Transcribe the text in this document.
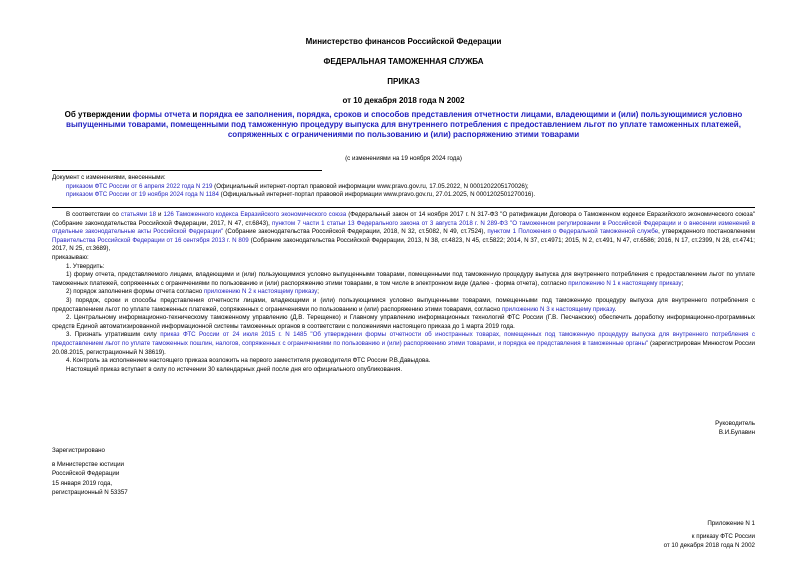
Министерство финансов Российской Федерации
ФЕДЕРАЛЬНАЯ ТАМОЖЕННАЯ СЛУЖБА
ПРИКАЗ
от 10 декабря 2018 года N 2002
Об утверждении формы отчета и порядка ее заполнения, порядка, сроков и способов представления отчетности лицами, владеющими и (или) пользующимися условно выпущенными товарами, помещенными под таможенную процедуру выпуска для внутреннего потребления с предоставлением льгот по уплате таможенных платежей, сопряженных с ограничениями по пользованию и (или) распоряжению этими товарами
(с изменениями на 19 ноября 2024 года)
Документ с изменениями, внесенными:
приказом ФТС России от 6 апреля 2022 года N 219 (Официальный интернет-портал правовой информации www.pravo.gov.ru, 17.05.2022, N 0001202205170026);
приказом ФТС России от 19 ноября 2024 года N 1184 (Официальный интернет-портал правовой информации www.pravo.gov.ru, 27.01.2025, N 0001202501270016).

В соответствии со статьями 18 и 126 Таможенного кодекса Евразийского экономического союза (Федеральный закон от 14 ноября 2017 г. N 317-ФЗ "О ратификации Договора о Таможенном кодексе Евразийского экономического союза" (Собрание законодательства Российской Федерации, 2017, N 47, ст.6843), пунктом 7 части 1 статьи 13 Федерального закона от 3 августа 2018 г. N 289-ФЗ "О таможенном регулировании в Российской Федерации и о внесении изменений в отдельные законодательные акты Российской Федерации" (Собрание законодательства Российской Федерации, 2018, N 32, ст.5082, N 49, ст.7524), пунктом 1 Положения о Федеральной таможенной службе, утвержденного постановлением Правительства Российской Федерации от 16 сентября 2013 г. N 809 (Собрание законодательства Российской Федерации, 2013, N 38, ст.4823, N 45, ст.5822; 2014, N 37, ст.4971; 2015, N 2, ст.491, N 47, ст.6586; 2016, N 17, ст.2399, N 28, ст.4741; 2017, N 25, ст.3689),

приказываю:

1. Утвердить:

1) форму отчета, представляемого лицами, владеющими и (или) пользующимися условно выпущенными товарами, помещенными под таможенную процедуру выпуска для внутреннего потребления с предоставлением льгот по уплате таможенных платежей, сопряженных с ограничениями по пользованию и (или) распоряжению этими товарами, в том числе в электронном виде (далее - форма отчета), согласно приложению N 1 к настоящему приказу;

2) порядок заполнения формы отчета согласно приложению N 2 к настоящему приказу;

3) порядок, сроки и способы представления отчетности лицами, владеющими и (или) пользующимися условно выпущенными товарами, помещенными под таможенную процедуру выпуска для внутреннего потребления с предоставлением льгот по уплате таможенных платежей, сопряженных с ограничениями по пользованию и (или) распоряжению этими товарами, согласно приложению N 3 к настоящему приказу.

2. Центральному информационно-техническому таможенному управлению (Д.В. Терещенко) и Главному управлению информационных технологий ФТС России (Г.В. Песчанских) обеспечить доработку информационно-программных средств Единой автоматизированной информационной системы таможенных органов в соответствии с положениями настоящего приказа до 1 марта 2019 года.

3. Признать утратившим силу приказ ФТС России от 24 июля 2015 г. N 1485 "Об утверждении формы отчетности об иностранных товарах, помещенных под таможенную процедуру выпуска для внутреннего потребления с предоставлением льгот по уплате таможенных пошлин, налогов, сопряженных с ограничениями по пользованию и (или) распоряжению этими товарами, и порядка ее представления в таможенные органы" (зарегистрирован Минюстом России 20.08.2015, регистрационный N 38619).

4. Контроль за исполнением настоящего приказа возложить на первого заместителя руководителя ФТС России Р.В.Давыдова.

Настоящий приказ вступает в силу по истечении 30 календарных дней после дня его официального опубликования.

Руководитель
В.И.Булавин
Зарегистрировано
в Министерстве юстиции
Российской Федерации
15 января 2019 года,
регистрационный N 53357
Приложение N 1
к приказу ФТС России
от 10 декабря 2018 года N 2002
